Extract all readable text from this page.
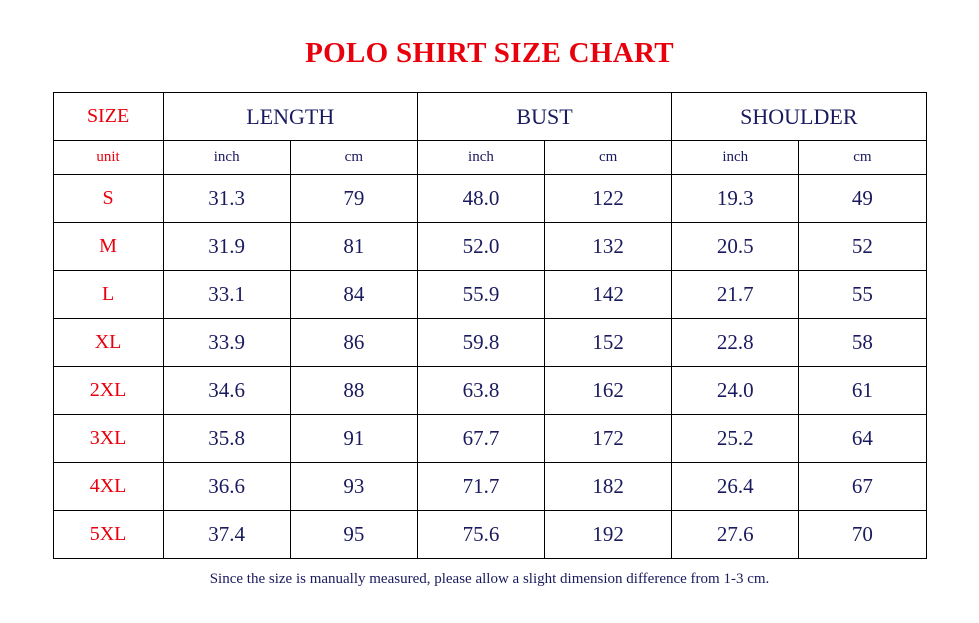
POLO SHIRT SIZE CHART
SIZE	LENGTH		BUST		SHOULDER	
unit	inch	cm	inch	cm	inch	cm
S	31.3	79	48.0	122	19.3	49
M	31.9	81	52.0	132	20.5	52
L	33.1	84	55.9	142	21.7	55
XL	33.9	86	59.8	152	22.8	58
2XL	34.6	88	63.8	162	24.0	61
3XL	35.8	91	67.7	172	25.2	64
4XL	36.6	93	71.7	182	26.4	67
5XL	37.4	95	75.6	192	27.6	70
Since the size is manually measured, please allow a slight dimension difference from 1-3 cm.
